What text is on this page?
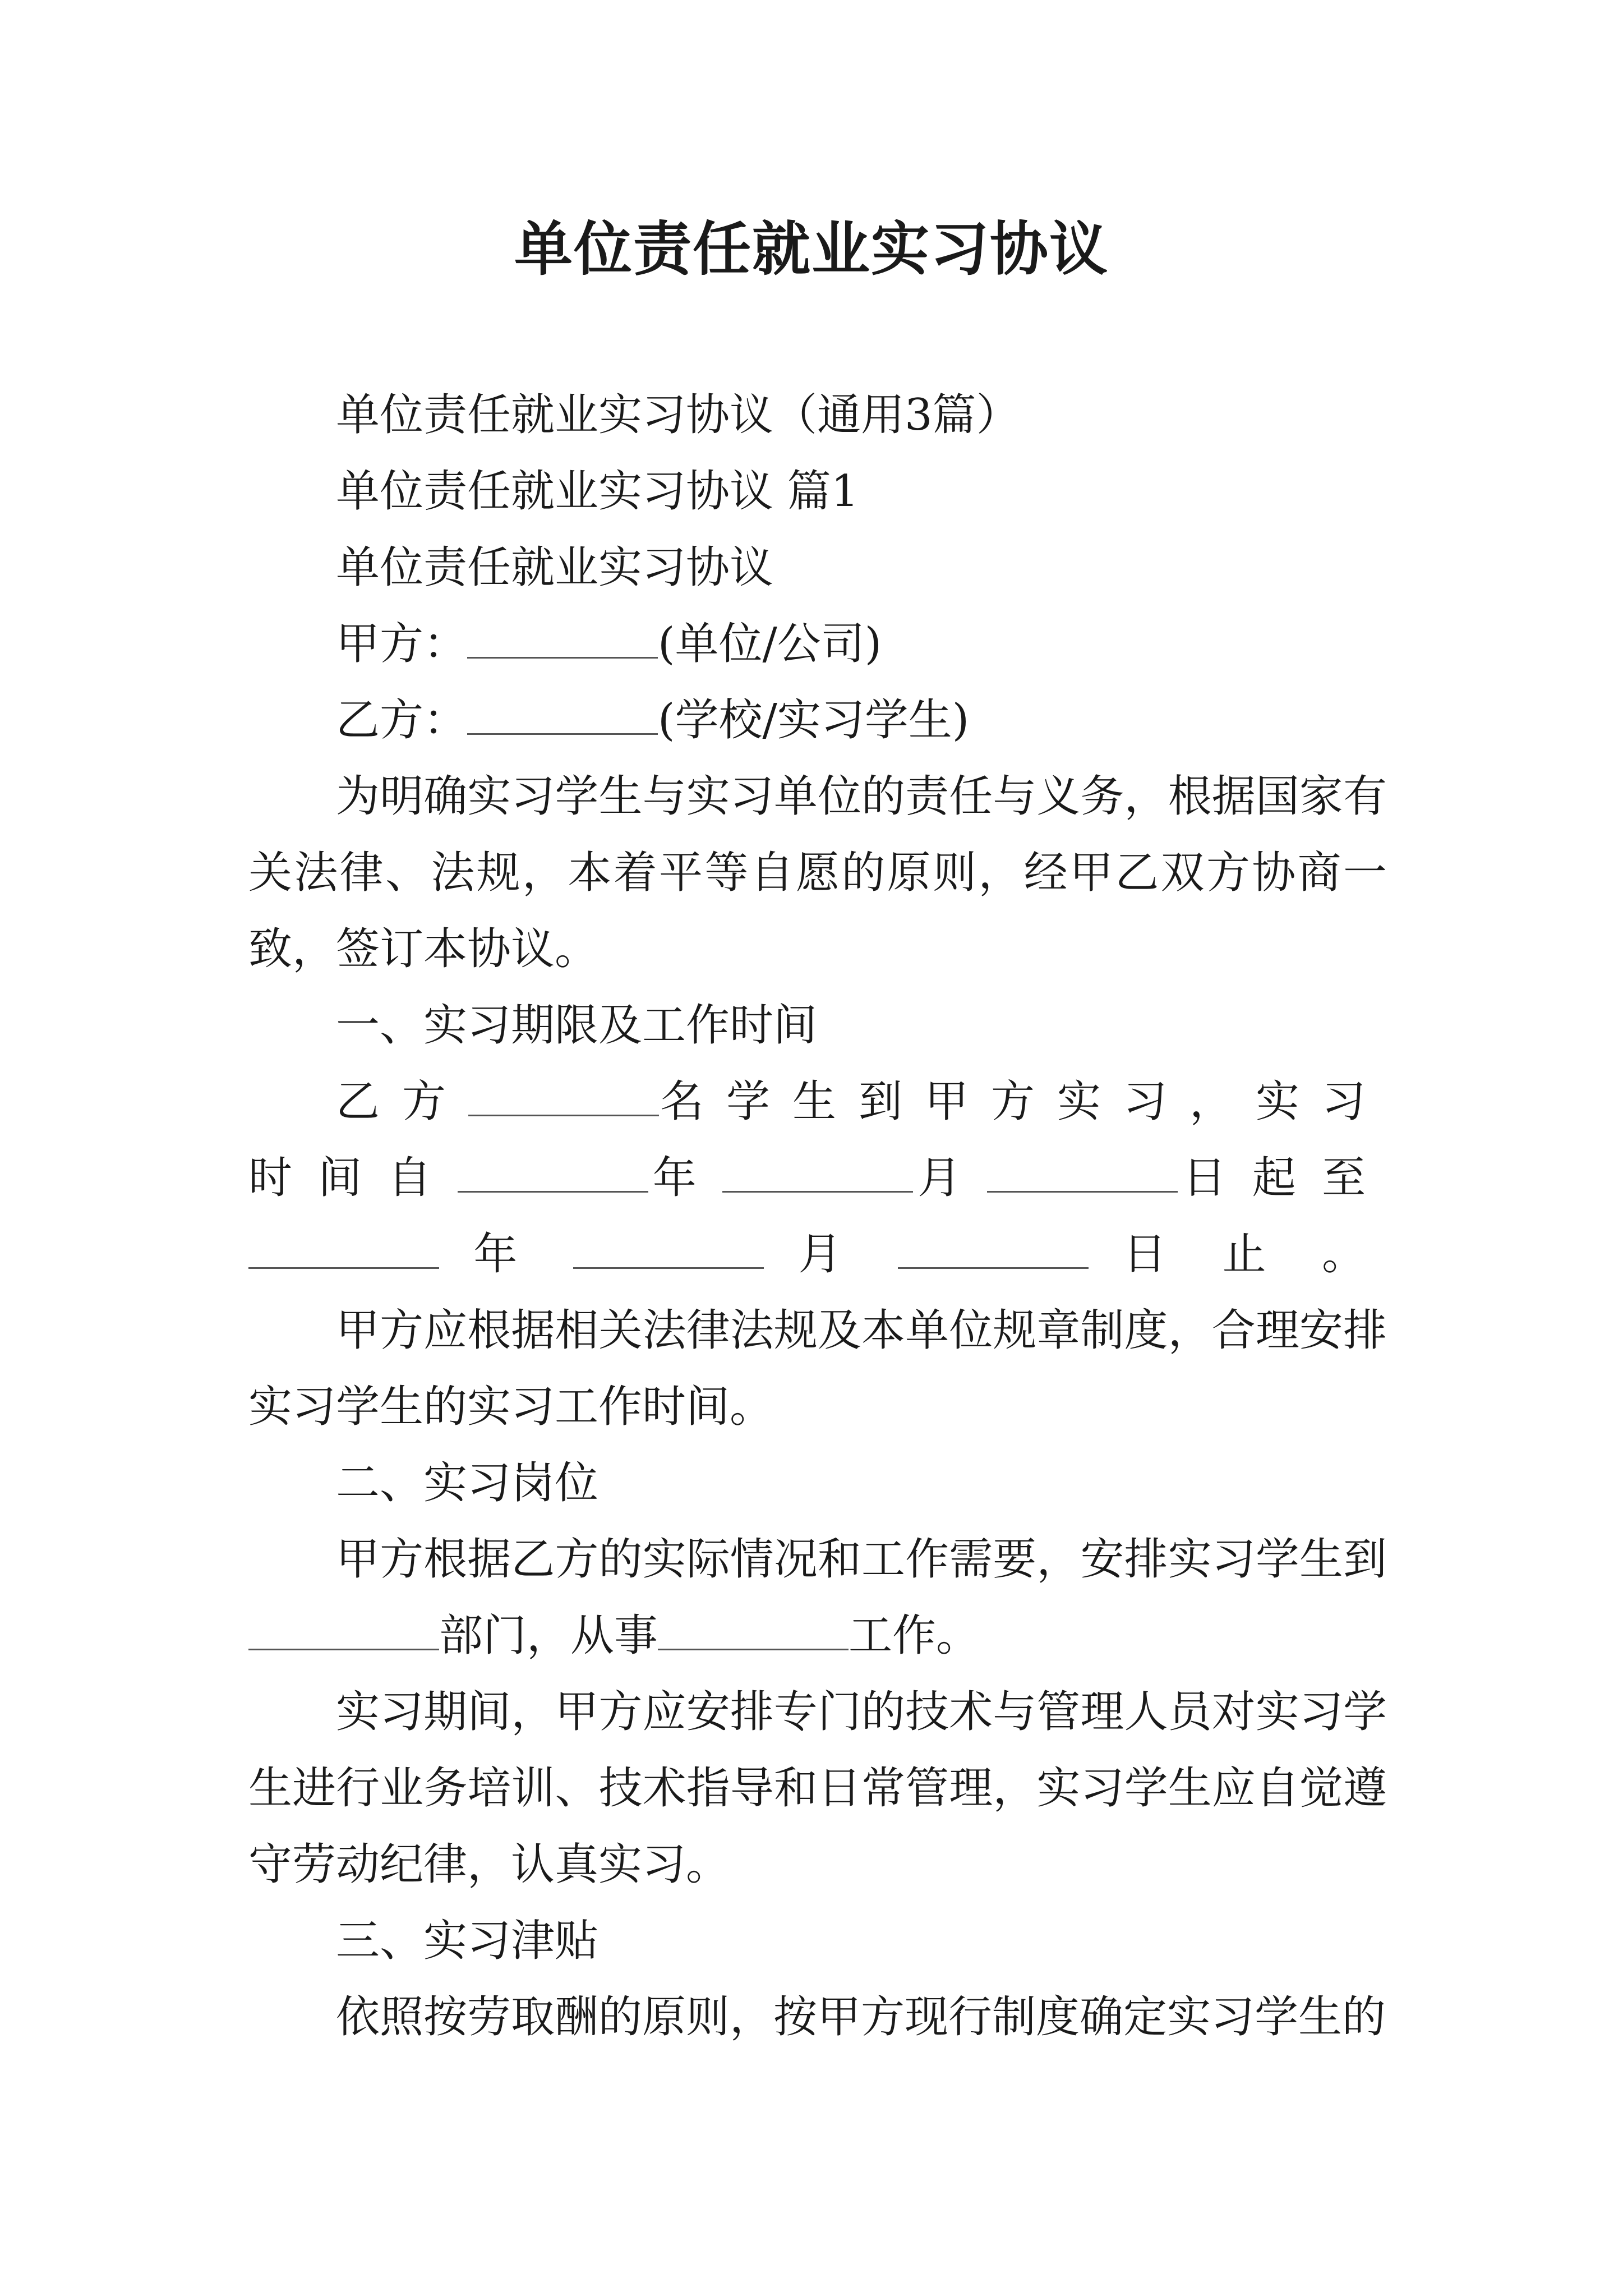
单位责任就业实习协议

单位责任就业实习协议（通用3篇）

单位责任就业实习协议 篇1

单位责任就业实习协议

甲方：	(单位/公司)

乙方：	(学校/实习学生)

为明确实习学生与实习单位的责任与义务，根据国家有关法律、法规，本着平等自愿的原则，经甲乙双方协商一致，签订本协议。

一、实习期限及工作时间

乙方	名学生到甲方实习，实习时间自	年	月	日起至年	月	日止。

甲方应根据相关法律法规及本单位规章制度，合理安排实习学生的实习工作时间。

二、实习岗位

甲方根据乙方的实际情况和工作需要，安排实习学生到部门，从事	工作。

实习期间，甲方应安排专门的技术与管理人员对实习学生进行业务培训、技术指导和日常管理，实习学生应自觉遵守劳动纪律，认真实习。

三、实习津贴

依照按劳取酬的原则，按甲方现行制度确定实习学生的
